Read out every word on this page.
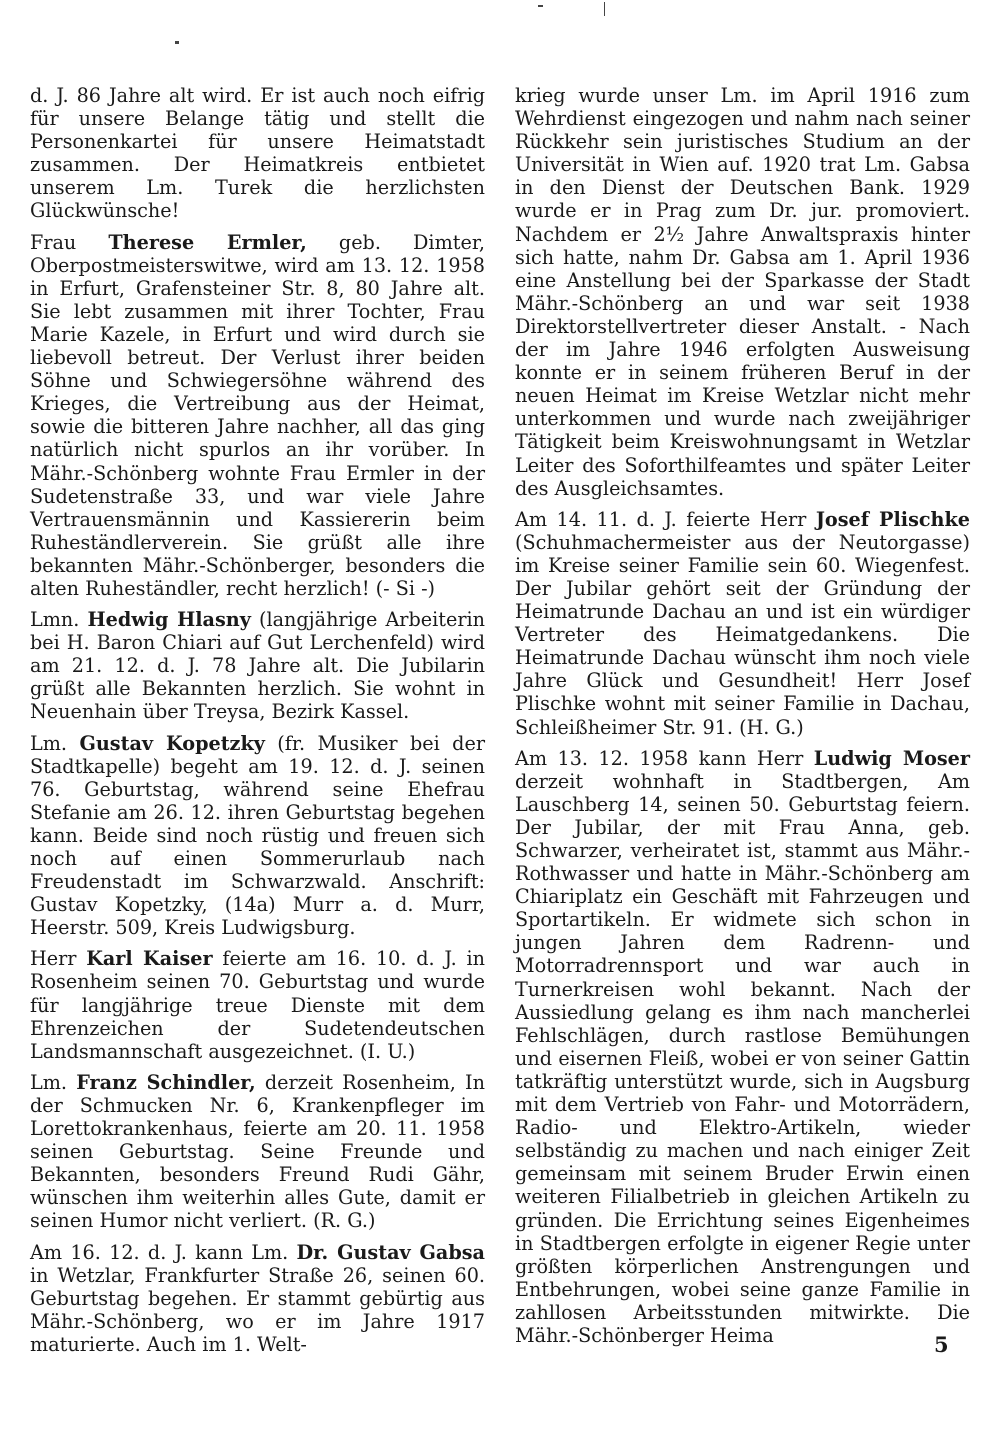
d. J. 86 Jahre alt wird. Er ist auch noch eifrig für unsere Belange tätig und stellt die Personenkartei für unsere Heimatstadt zusammen. Der Heimatkreis entbietet unserem Lm. Turek die herzlichsten Glückwünsche!

Frau Therese Ermler, geb. Dimter, Oberpostmeisterswitwe, wird am 13. 12. 1958 in Erfurt, Grafensteiner Str. 8, 80 Jahre alt. Sie lebt zusammen mit ihrer Tochter, Frau Marie Kazele, in Erfurt und wird durch sie liebevoll betreut. Der Verlust ihrer beiden Söhne und Schwiegersöhne während des Krieges, die Vertreibung aus der Heimat, sowie die bitteren Jahre nachher, all das ging natürlich nicht spurlos an ihr vorüber. In Mähr.-Schönberg wohnte Frau Ermler in der Sudetenstraße 33, und war viele Jahre Vertrauensmännin und Kassiererin beim Ruheständlerverein. Sie grüßt alle ihre bekannten Mähr.-Schönberger, besonders die alten Ruheständler, recht herzlich! (- Si -)

Lmn. Hedwig Hlasny (langjährige Arbeiterin bei H. Baron Chiari auf Gut Lerchenfeld) wird am 21. 12. d. J. 78 Jahre alt. Die Jubilarin grüßt alle Bekannten herzlich. Sie wohnt in Neuenhain über Treysa, Bezirk Kassel.

Lm. Gustav Kopetzky (fr. Musiker bei der Stadtkapelle) begeht am 19. 12. d. J. seinen 76. Geburtstag, während seine Ehefrau Stefanie am 26. 12. ihren Geburtstag begehen kann. Beide sind noch rüstig und freuen sich noch auf einen Sommerurlaub nach Freudenstadt im Schwarzwald. Anschrift: Gustav Kopetzky, (14a) Murr a. d. Murr, Heerstr. 509, Kreis Ludwigsburg.

Herr Karl Kaiser feierte am 16. 10. d. J. in Rosenheim seinen 70. Geburtstag und wurde für langjährige treue Dienste mit dem Ehrenzeichen der Sudetendeutschen Landsmannschaft ausgezeichnet. (I. U.)

Lm. Franz Schindler, derzeit Rosenheim, In der Schmucken Nr. 6, Krankenpfleger im Lorettokrankenhaus, feierte am 20. 11. 1958 seinen Geburtstag. Seine Freunde und Bekannten, besonders Freund Rudi Gähr, wünschen ihm weiterhin alles Gute, damit er seinen Humor nicht verliert. (R. G.)

Am 16. 12. d. J. kann Lm. Dr. Gustav Gabsa in Wetzlar, Frankfurter Straße 26, seinen 60. Geburtstag begehen. Er stammt gebürtig aus Mähr.-Schönberg, wo er im Jahre 1917 maturierte. Auch im 1. Welt-

krieg wurde unser Lm. im April 1916 zum Wehrdienst eingezogen und nahm nach seiner Rückkehr sein juristisches Studium an der Universität in Wien auf. 1920 trat Lm. Gabsa in den Dienst der Deutschen Bank. 1929 wurde er in Prag zum Dr. jur. promoviert. Nachdem er 2½ Jahre Anwaltspraxis hinter sich hatte, nahm Dr. Gabsa am 1. April 1936 eine Anstellung bei der Sparkasse der Stadt Mähr.-Schönberg an und war seit 1938 Direktorstellvertreter dieser Anstalt. - Nach der im Jahre 1946 erfolgten Ausweisung konnte er in seinem früheren Beruf in der neuen Heimat im Kreise Wetzlar nicht mehr unterkommen und wurde nach zweijähriger Tätigkeit beim Kreiswohnungsamt in Wetzlar Leiter des Soforthilfeamtes und später Leiter des Ausgleichsamtes.

Am 14. 11. d. J. feierte Herr Josef Plischke (Schuhmachermeister aus der Neutorgasse) im Kreise seiner Familie sein 60. Wiegenfest. Der Jubilar gehört seit der Gründung der Heimatrunde Dachau an und ist ein würdiger Vertreter des Heimatgedankens. Die Heimatrunde Dachau wünscht ihm noch viele Jahre Glück und Gesundheit! Herr Josef Plischke wohnt mit seiner Familie in Dachau, Schleißheimer Str. 91. (H. G.)

Am 13. 12. 1958 kann Herr Ludwig Moser derzeit wohnhaft in Stadtbergen, Am Lauschberg 14, seinen 50. Geburtstag feiern. Der Jubilar, der mit Frau Anna, geb. Schwarzer, verheiratet ist, stammt aus Mähr.-Rothwasser und hatte in Mähr.-Schönberg am Chiariplatz ein Geschäft mit Fahrzeugen und Sportartikeln. Er widmete sich schon in jungen Jahren dem Radrenn- und Motorradrennsport und war auch in Turnerkreisen wohl bekannt. Nach der Aussiedlung gelang es ihm nach mancherlei Fehlschlägen, durch rastlose Bemühungen und eisernen Fleiß, wobei er von seiner Gattin tatkräftig unterstützt wurde, sich in Augsburg mit dem Vertrieb von Fahr- und Motorrädern, Radio- und Elektro-Artikeln, wieder selbständig zu machen und nach einiger Zeit gemeinsam mit seinem Bruder Erwin einen weiteren Filialbetrieb in gleichen Artikeln zu gründen. Die Errichtung seines Eigenheimes in Stadtbergen erfolgte in eigener Regie unter größten körperlichen Anstrengungen und Entbehrungen, wobei seine ganze Familie in zahllosen Arbeitsstunden mitwirkte. Die Mähr.-Schönberger Heima	5
